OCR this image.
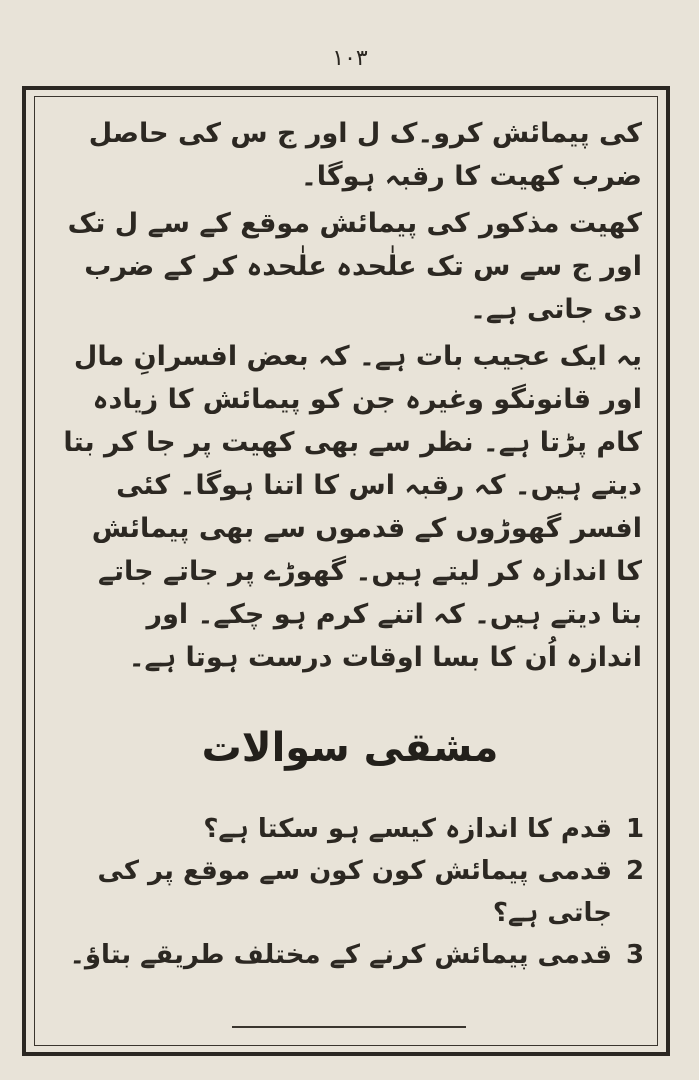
۱۰۳

کی پیمائش کرو۔ک ل اور ج س کی حاصل ضرب کھیت کا رقبہ ہوگا۔

کھیت مذکور کی پیمائش موقع کے سے ل تک اور ج سے س تک علٰحدہ علٰحدہ کر کے ضرب دی جاتی ہے۔

یہ ایک عجیب بات ہے۔ کہ بعض افسرانِ مال اور قانونگو وغیرہ جن کو پیمائش کا زیادہ کام پڑتا ہے۔ نظر سے بھی کھیت پر جا کر بتا دیتے ہیں۔ کہ رقبہ اس کا اتنا ہوگا۔ کئی افسر گھوڑوں کے قدموں سے بھی پیمائش کا اندازہ کر لیتے ہیں۔ گھوڑے پر جاتے جاتے بتا دیتے ہیں۔ کہ اتنے کرم ہو چکے۔ اور اندازہ اُن کا بسا اوقات درست ہوتا ہے۔

مشقی سوالات
1
قدم کا اندازہ کیسے ہو سکتا ہے؟
2
قدمی پیمائش کون کون سے موقع پر کی جاتی ہے؟
3
قدمی پیمائش کرنے کے مختلف طریقے بتاؤ۔
